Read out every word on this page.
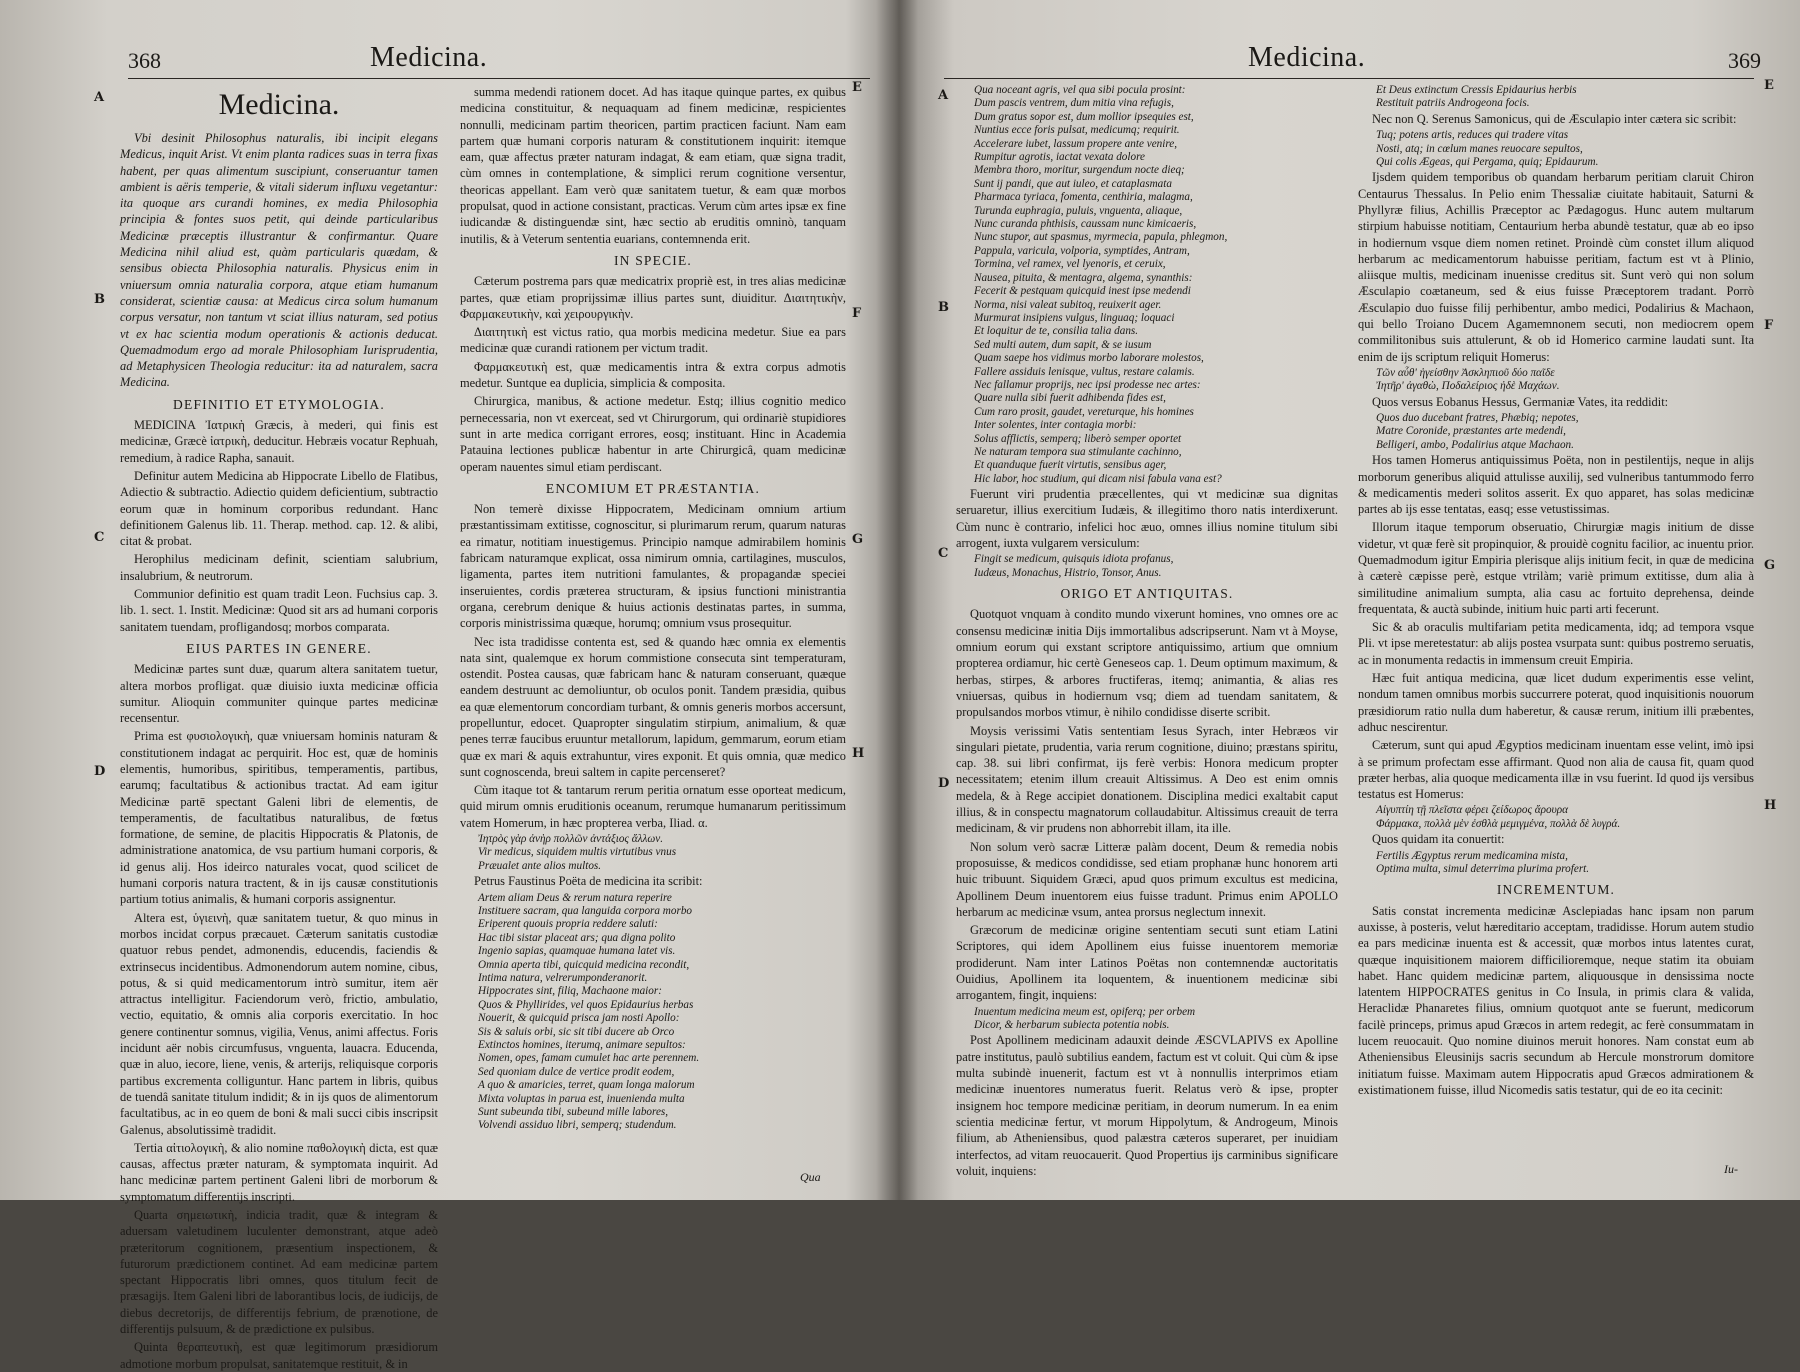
368	Medicina.
A
B
C
D
E
F
G
H

Medicina.

Vbi desinit Philosophus naturalis, ibi incipit elegans Medicus, inquit Arist. Vt enim planta radices suas in terra fixas habent, per quas alimentum suscipiunt, conseruantur tamen ambient is aëris temperie, & vitali siderum influxu vegetantur: ita quoque ars curandi homines, ex media Philosophia principia & fontes suos petit, qui deinde particularibus Medicinæ præceptis illustrantur & confirmantur. Quare Medicina nihil aliud est, quàm particularis quædam, & sensibus obiecta Philosophia naturalis. Physicus enim in vniuersum omnia naturalia corpora, atque etiam humanum considerat, scientiæ causa: at Medicus circa solum humanum corpus versatur, non tantum vt sciat illius naturam, sed potius vt ex hac scientia modum operationis & actionis deducat. Quemadmodum ergo ad morale Philosophiam Iurisprudentia, ad Metaphysicen Theologia reducitur: ita ad naturalem, sacra Medicina.

DEFINITIO ET ETYMOLOGIA.

MEDICINA Ἰατρικὴ Græcis, à mederi, qui finis est medicinæ, Græcè ἰατρικὴ, deducitur. Hebræis vocatur Rephuah, remedium, à radice Rapha, sanauit.

Definitur autem Medicina ab Hippocrate Libello de Flatibus, Adiectio & subtractio. Adiectio quidem deficientium, subtractio eorum quæ in hominum corporibus redundant. Hanc definitionem Galenus lib. 11. Therap. method. cap. 12. & alibi, citat & probat.

Herophilus medicinam definit, scientiam salubrium, insalubrium, & neutrorum.

Communior definitio est quam tradit Leon. Fuchsius cap. 3. lib. 1. sect. 1. Instit. Medicinæ: Quod sit ars ad humani corporis sanitatem tuendam, profligandosq; morbos comparata.

EIUS PARTES IN GENERE.

Medicinæ partes sunt duæ, quarum altera sanitatem tuetur, altera morbos profligat. quæ diuisio iuxta medicinæ officia sumitur. Alioquin communiter quinque partes medicinæ recensentur.

Prima est φυσιολογικὴ, quæ vniuersam hominis naturam & constitutionem indagat ac perquirit. Hoc est, quæ de hominis elementis, humoribus, spiritibus, temperamentis, partibus, earumq; facultatibus & actionibus tractat. Ad eam igitur Medicinæ partē spectant Galeni libri de elementis, de temperamentis, de facultatibus naturalibus, de fœtus formatione, de semine, de placitis Hippocratis & Platonis, de administratione anatomica, de vsu partium humani corporis, & id genus alij. Hos ideirco naturales vocat, quod scilicet de humani corporis natura tractent, & in ijs causæ constitutionis partium totius animalis, & humani corporis assignentur.

Altera est, ὑγιεινὴ, quæ sanitatem tuetur, & quo minus in morbos incidat corpus præcauet. Cæterum sanitatis custodiæ quatuor rebus pendet, admonendis, educendis, faciendis & extrinsecus incidentibus. Admonendorum autem nomine, cibus, potus, & si quid medicamentorum intrò sumitur, item aër attractus intelligitur. Faciendorum verò, frictio, ambulatio, vectio, equitatio, & omnis alia corporis exercitatio. In hoc genere continentur somnus, vigilia, Venus, animi affectus. Foris incidunt aër nobis circumfusus, vnguenta, lauacra. Educenda, quæ in aluo, iecore, liene, venis, & arterijs, reliquisque corporis partibus excrementa colliguntur. Hanc partem in libris, quibus de tuendâ sanitate titulum indidit; & in ijs quos de alimentorum facultatibus, ac in eo quem de boni & mali succi cibis inscripsit Galenus, absolutissimè tradidit.

Tertia αἰτιολογικὴ, & alio nomine παθολογικὴ dicta, est quæ causas, affectus præter naturam, & symptomata inquirit. Ad hanc medicinæ partem pertinent Galeni libri de morborum & symptomatum differentijs inscripti.

Quarta σημειωτικὴ, indicia tradit, quæ & integram & aduersam valetudinem luculenter demonstrant, atque adeò præteritorum cognitionem, præsentium inspectionem, & futurorum prædictionem continet. Ad eam medicinæ partem spectant Hippocratis libri omnes, quos titulum fecit de præsagijs. Item Galeni libri de laborantibus locis, de iudicijs, de diebus decretorijs, de differentijs febrium, de prænotione, de differentijs pulsuum, & de prædictione ex pulsibus.

Quinta θεραπευτικὴ, est quæ legitimorum præsidiorum admotione morbum propulsat, sanitatemque restituit, & in

summa medendi rationem docet. Ad has itaque quinque partes, ex quibus medicina constituitur, & nequaquam ad finem medicinæ, respicientes nonnulli, medicinam partim theoricen, partim practicen faciunt. Nam eam partem quæ humani corporis naturam & constitutionem inquirit: itemque eam, quæ affectus præter naturam indagat, & eam etiam, quæ signa tradit, cùm omnes in contemplatione, & simplici rerum cognitione versentur, theoricas appellant. Eam verò quæ sanitatem tuetur, & eam quæ morbos propulsat, quod in actione consistant, practicas. Verum cùm artes ipsæ ex fine iudicandæ & distinguendæ sint, hæc sectio ab eruditis omninò, tanquam inutilis, & à Veterum sententia euarians, contemnenda erit.

IN SPECIE.

Cæterum postrema pars quæ medicatrix propriè est, in tres alias medicinæ partes, quæ etiam proprijssimæ illius partes sunt, diuiditur. Διαιτητικὴν, Φαρμακευτικὴν, καὶ χειρουργικὴν.

Διαιτητικὴ est victus ratio, qua morbis medicina medetur. Siue ea pars medicinæ quæ curandi rationem per victum tradit.

Φαρμακευτικὴ est, quæ medicamentis intra & extra corpus admotis medetur. Suntque ea duplicia, simplicia & composita.

Chirurgica, manibus, & actione medetur. Estq; illius cognitio medico pernecessaria, non vt exerceat, sed vt Chirurgorum, qui ordinariè stupidiores sunt in arte medica corrigant errores, eosq; instituant. Hinc in Academia Patauina lectiones publicæ habentur in arte Chirurgicâ, quam medicinæ operam nauentes simul etiam perdiscant.

ENCOMIUM ET PRÆSTANTIA.

Non temerè dixisse Hippocratem, Medicinam omnium artium præstantissimam extitisse, cognoscitur, si plurimarum rerum, quarum naturas ea rimatur, notitiam inuestigemus. Principio namque admirabilem hominis fabricam naturamque explicat, ossa nimirum omnia, cartilagines, musculos, ligamenta, partes item nutritioni famulantes, & propagandæ speciei inseruientes, cordis præterea structuram, & ipsius functioni ministrantia organa, cerebrum denique & huius actionis destinatas partes, in summa, corporis ministrissima quæque, horumq; omnium vsus prosequitur.

Nec ista tradidisse contenta est, sed & quando hæc omnia ex elementis nata sint, qualemque ex horum commistione consecuta sint temperaturam, ostendit. Postea causas, quæ fabricam hanc & naturam conseruant, quæque eandem destruunt ac demoliuntur, ob oculos ponit. Tandem præsidia, quibus ea quæ elementorum concordiam turbant, & omnis generis morbos accersunt, propelluntur, edocet. Quapropter singulatim stirpium, animalium, & quæ penes terræ faucibus eruuntur metallorum, lapidum, gemmarum, eorum etiam quæ ex mari & aquis extrahuntur, vires exponit. Et quis omnia, quæ medico sunt cognoscenda, breui saltem in capite percenseret?

Cùm itaque tot & tantarum rerum peritia ornatum esse oporteat medicum, quid mirum omnis eruditionis oceanum, rerumque humanarum peritissimum vatem Homerum, in hæc propterea verba, Iliad. α.

Ἰητρὸς γὰρ ἀνὴρ πολλῶν ἀντάξιος ἄλλων.

Vir medicus, siquidem multis virtutibus vnus

Præualet ante alios multos.

Petrus Faustinus Poëta de medicina ita scribit:

Artem aliam Deus & rerum natura reperire

Instituere sacram, qua languida corpora morbo

Eriperent quouis propria reddere saluti:

Hac tibi sistar placeat ars; qua digna polito

Ingenio sapias, quamquae humana latet vis.

Omnia aperta tibi, quicquid medicina recondit,

Intima natura, velrerumponderanorit.

Hippocrates sint, filiq, Machaone maior:

Quos & Phyllirides, vel quos Epidaurius herbas

Nouerit, & quicquid prisca jam nosti Apollo:

Sis & saluis orbi, sic sit tibi ducere ab Orco

Extinctos homines, iterumq, animare sepultos:

Nomen, opes, famam cumulet hac arte perennem.

Sed quoniam dulce de vertice prodit eodem,

A quo & amaricies, terret, quam longa malorum

Mixta voluptas in parua est, inuenienda multa

Sunt subeunda tibi, subeund mille labores,

Volvendi assiduo libri, semperq; studendum.

Qua
Medicina.	369
A
B
C
D
E
F
G
H

Qua noceant agris, vel qua sibi pocula prosint:

Dum pascis ventrem, dum mitia vina refugis,

Dum gratus sopor est, dum mollior ipsequies est,

Nuntius ecce foris pulsat, medicumq; requirit.

Accelerare iubet, lassum propere ante venire,

Rumpitur agrotis, iactat vexata dolore

Membra thoro, moritur, surgendum nocte dieq;

Sunt ij pandi, que aut iuleo, et cataplasmata

Pharmaca tyriaca, fomenta, centhiria, malagma,

Turunda euphragia, puluis, vnguenta, aliaque,

Nunc curanda phthisis, caussam nunc kimicaeris,

Nunc stupor, aut spasmus, myrmecia, papula, phlegmon,

Pappula, varicula, volporia, symptides, Antram,

Tormina, vel ramex, vel lyenoris, et ceruix,

Nausea, pituita, & mentagra, algema, synanthis:

Fecerit & pestquam quicquid inest ipse medendi

Norma, nisi valeat subitoq, reuixerit ager.

Murmurat insipiens vulgus, linguaq; loquaci

Et loquitur de te, consilia talia dans.

Sed multi autem, dum sapit, & se iusum

Quam saepe hos vidimus morbo laborare molestos,

Fallere assiduis lenisque, vultus, restare calamis.

Nec fallamur proprijs, nec ipsi prodesse nec artes:

Quare nulla sibi fuerit adhibenda fides est,

Cum raro prosit, gaudet, vereturque, his homines

Inter solentes, inter contagia morbi:

Solus afflictis, semperq; liberò semper oportet

Ne naturam tempora sua stimulante cachinno,

Et quanduque fuerit virtutis, sensibus ager,

Hic labor, hoc studium, qui dicam nisi fabula vana est?

Fuerunt viri prudentia præcellentes, qui vt medicinæ sua dignitas seruaretur, illius exercitium Iudæis, & illegitimo thoro natis interdixerunt. Cùm nunc è contrario, infelici hoc æuo, omnes illius nomine titulum sibi arrogent, iuxta vulgarem versiculum:

Fingit se medicum, quisquis idiota profanus,

Iudæus, Monachus, Histrio, Tonsor, Anus.

ORIGO ET ANTIQUITAS.

Quotquot vnquam à condito mundo vixerunt homines, vno omnes ore ac consensu medicinæ initia Dijs immortalibus adscripserunt. Nam vt à Moyse, omnium eorum qui exstant scriptore antiquissimo, artium que omnium propterea ordiamur, hic certè Geneseos cap. 1. Deum optimum maximum, & herbas, stirpes, & arbores fructiferas, itemq; animantia, & alias res vniuersas, quibus in hodiernum vsq; diem ad tuendam sanitatem, & propulsandos morbos vtimur, è nihilo condidisse diserte scribit.

Moysis verissimi Vatis sententiam Iesus Syrach, inter Hebræos vir singulari pietate, prudentia, varia rerum cognitione, diuino; præstans spiritu, cap. 38. sui libri confirmat, ijs ferè verbis: Honora medicum propter necessitatem; etenim illum creauit Altissimus. A Deo est enim omnis medela, & à Rege accipiet donationem. Disciplina medici exaltabit caput illius, & in conspectu magnatorum collaudabitur. Altissimus creauit de terra medicinam, & vir prudens non abhorrebit illam, ita ille.

Non solum verò sacræ Litteræ palàm docent, Deum & remedia nobis proposuisse, & medicos condidisse, sed etiam prophanæ hunc honorem arti huic tribuunt. Siquidem Græci, apud quos primum excultus est medicina, Apollinem Deum inuentorem eius fuisse tradunt. Primus enim APOLLO herbarum ac medicinæ vsum, antea prorsus neglectum innexit.

Græcorum de medicinæ origine sententiam secuti sunt etiam Latini Scriptores, qui idem Apollinem eius fuisse inuentorem memoriæ prodiderunt. Nam inter Latinos Poëtas non contemnendæ auctoritatis Ouidius, Apollinem ita loquentem, & inuentionem medicinæ sibi arrogantem, fingit, inquiens:

Inuentum medicina meum est, opiferq; per orbem

Dicor, & herbarum subiecta potentia nobis.

Post Apollinem medicinam adauxit deinde ÆSCVLAPIVS ex Apolline patre institutus, paulò subtilius eandem, factum est vt coluit. Qui cùm & ipse multa subindè inuenerit, factum est vt à nonnullis interprimos etiam medicinæ inuentores numeratus fuerit. Relatus verò & ipse, propter insignem hoc tempore medicinæ peritiam, in deorum numerum. In ea enim scientia medicinæ fertur, vt morum Hippolytum, & Androgeum, Minois filium, ab Atheniensibus, quod palæstra cæteros superaret, per inuidiam interfectos, ad vitam reuocauerit. Quod Propertius ijs carminibus significare voluit, inquiens:

Et Deus extinctum Cressis Epidaurius herbis

Restituit patriis Androgeona focis.

Nec non Q. Serenus Samonicus, qui de Æsculapio inter cætera sic scribit:

Tuq; potens artis, reduces qui tradere vitas

Nosti, atq; in cœlum manes reuocare sepultos,

Qui colis Ægeas, qui Pergama, quiq; Epidaurum.

Ijsdem quidem temporibus ob quandam herbarum peritiam claruit Chiron Centaurus Thessalus. In Pelio enim Thessaliæ ciuitate habitauit, Saturni & Phyllyræ filius, Achillis Præceptor ac Pædagogus. Hunc autem multarum stirpium habuisse notitiam, Centaurium herba abundè testatur, quæ ab eo ipso in hodiernum vsque diem nomen retinet. Proindè cùm constet illum aliquod herbarum ac medicamentorum habuisse peritiam, factum est vt à Plinio, aliisque multis, medicinam inuenisse creditus sit. Sunt verò qui non solum Æsculapio coætaneum, sed & eius fuisse Præceptorem tradant. Porrò Æsculapio duo fuisse filij perhibentur, ambo medici, Podalirius & Machaon, qui bello Troiano Ducem Agamemnonem secuti, non mediocrem opem commilitonibus suis attulerunt, & ob id Homerico carmine laudati sunt. Ita enim de ijs scriptum reliquit Homerus:

Τῶν αὖθ' ἡγείσθην Ἀσκληπιοῦ δύο παῖδε

Ἰητῆρ' ἀγαθὼ, Ποδαλείριος ἠδὲ Μαχάων.

Quos versus Eobanus Hessus, Germaniæ Vates, ita reddidit:

Quos duo ducebant fratres, Phæbiq; nepotes,

Matre Coronide, præstantes arte medendi,

Belligeri, ambo, Podalirius atque Machaon.

Hos tamen Homerus antiquissimus Poëta, non in pestilentijs, neque in alijs morborum generibus aliquid attulisse auxilij, sed vulneribus tantummodo ferro & medicamentis mederi solitos asserit. Ex quo apparet, has solas medicinæ partes ab ijs esse tentatas, easq; esse vetustissimas.

Illorum itaque temporum obseruatio, Chirurgiæ magis initium de disse videtur, vt quæ ferè sit propinquior, & prouidè cognitu facilior, ac inuentu prior. Quemadmodum igitur Empiria plerisque alijs initium fecit, in quæ de medicina à cæterè cæpisse perè, estque vtrilàm; variè primum extitisse, dum alia à similitudine animalium sumpta, alia casu ac fortuito deprehensa, deinde frequentata, & auctà subinde, initium huic parti arti fecerunt.

Sic & ab oraculis multifariam petita medicamenta, idq; ad tempora vsque Pli. vt ipse meretestatur: ab alijs postea vsurpata sunt: quibus postremo seruatis, ac in monumenta redactis in immensum creuit Empiria.

Hæc fuit antiqua medicina, quæ licet dudum experimentis esse velint, nondum tamen omnibus morbis succurrere poterat, quod inquisitionis nouorum præsidiorum ratio nulla dum haberetur, & causæ rerum, initium illi præbentes, adhuc nescirentur.

Cæterum, sunt qui apud Ægyptios medicinam inuentam esse velint, imò ipsi à se primum profectam esse affirmant. Quod non alia de causa fit, quam quod præter herbas, alia quoque medicamenta illæ in vsu fuerint. Id quod ijs versibus testatus est Homerus:

Αἰγυπτίη τῇ πλεῖστα φέρει ζείδωρος ἄρουρα

Φάρμακα, πολλὰ μὲν ἐσθλὰ μεμιγμένα, πολλὰ δὲ λυγρά.

Quos quidam ita conuertit:

Fertilis Ægyptus rerum medicamina mista,

Optima multa, simul deterrima plurima profert.

INCREMENTUM.

Satis constat incrementa medicinæ Asclepiadas hanc ipsam non parum auxisse, à posteris, velut hæreditario acceptam, tradidisse. Horum autem studio ea pars medicinæ inuenta est & accessit, quæ morbos intus latentes curat, quæque inquisitionem maiorem difficilioremque, neque statim ita obuiam habet. Hanc quidem medicinæ partem, aliquousque in densissima nocte latentem HIPPOCRATES genitus in Co Insula, in primis clara & valida, Heraclidæ Phanaretes filius, omnium quotquot ante se fuerunt, medicorum facilè princeps, primus apud Græcos in artem redegit, ac ferè consummatam in lucem reuocauit. Quo nomine diuinos meruit honores. Nam constat eum ab Atheniensibus Eleusinijs sacris secundum ab Hercule monstrorum domitore initiatum fuisse. Maximam autem Hippocratis apud Græcos admirationem & existimationem fuisse, illud Nicomedis satis testatur, qui de eo ita cecinit:

Iu-
